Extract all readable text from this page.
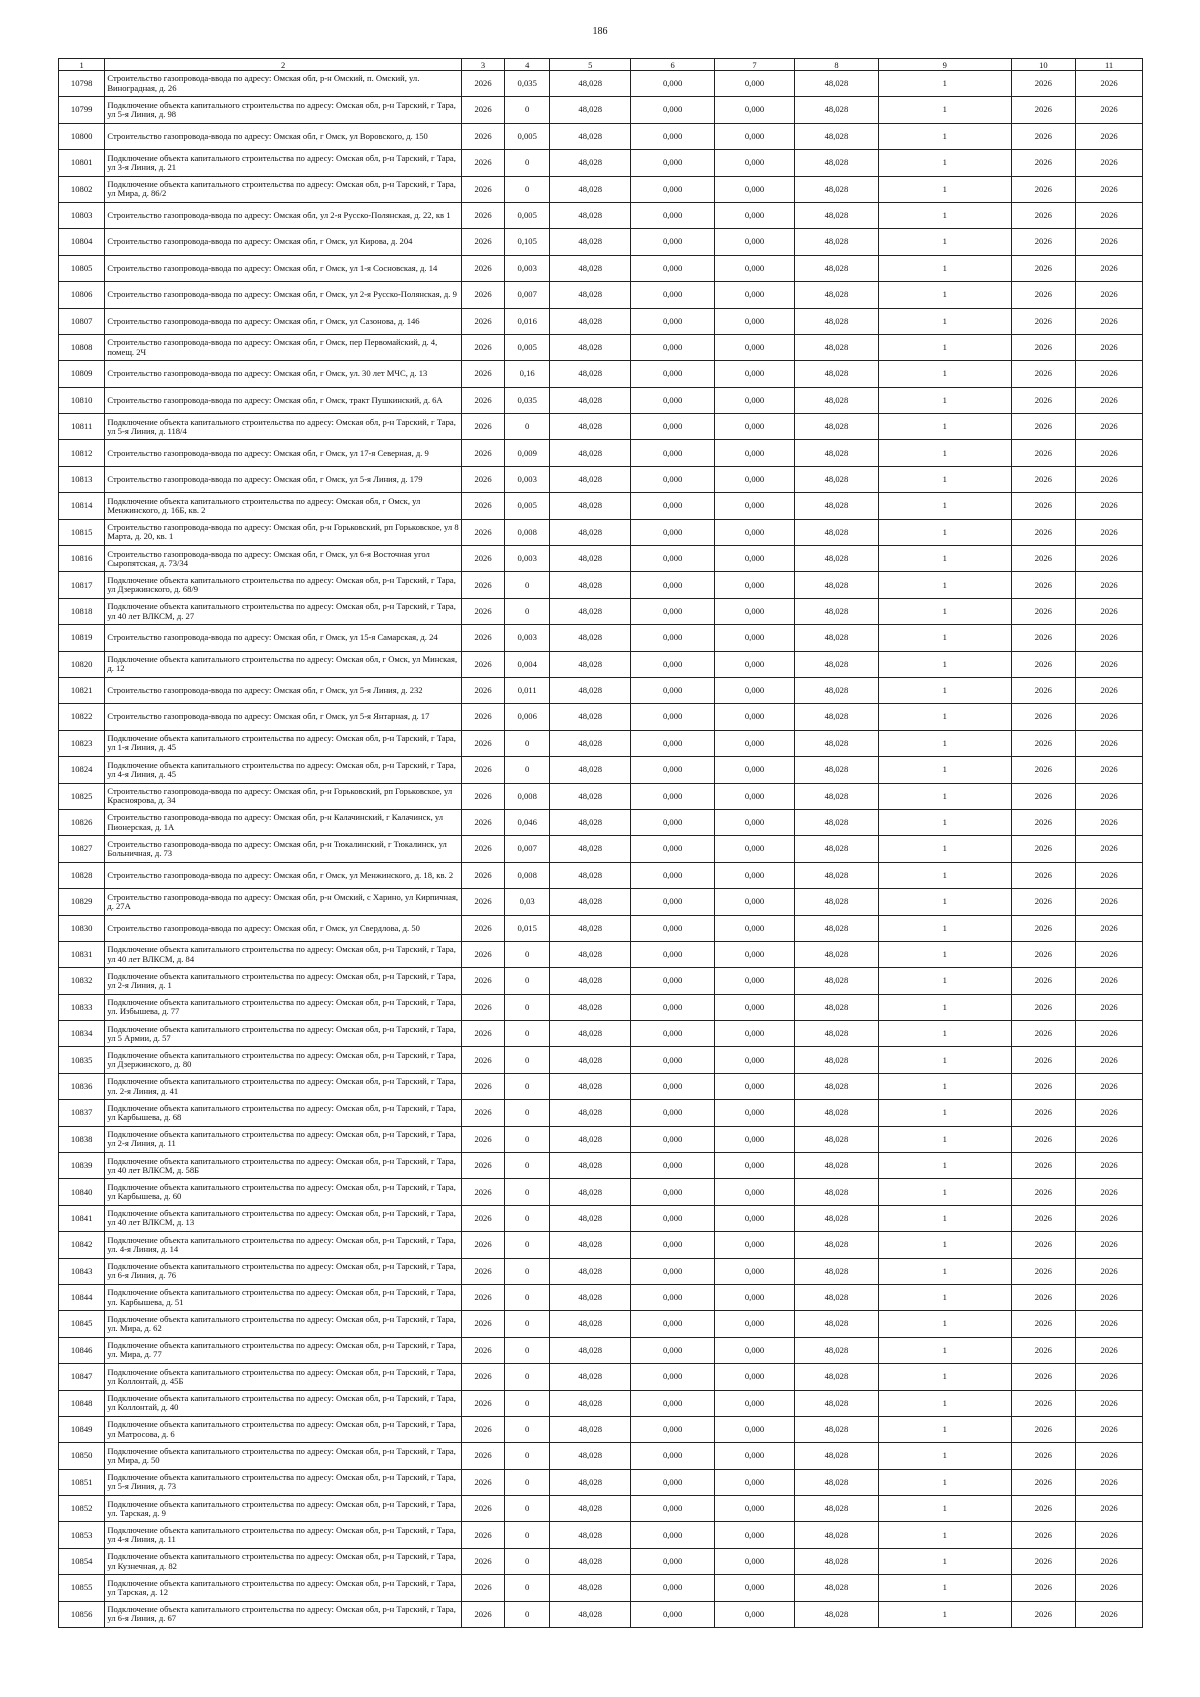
186
1	2	3	4	5	6	7	8	9	10	11
10798	Строительство газопровода-ввода по адресу: Омская обл, р-н Омский, п. Омский, ул. Виноградная, д. 26	2026	0,035	48,028	0,000	0,000	48,028	1	2026	2026
10799	Подключение объекта капитального строительства по адресу: Омская обл, р-н Тарский, г Тара, ул 5-я Линия, д. 98	2026	0	48,028	0,000	0,000	48,028	1	2026	2026
10800	Строительство газопровода-ввода по адресу: Омская обл, г Омск, ул Воровского, д. 150	2026	0,005	48,028	0,000	0,000	48,028	1	2026	2026
10801	Подключение объекта капитального строительства по адресу: Омская обл, р-н Тарский, г Тара, ул 3-я Линия, д. 21	2026	0	48,028	0,000	0,000	48,028	1	2026	2026
10802	Подключение объекта капитального строительства по адресу: Омская обл, р-н Тарский, г Тара, ул Мира, д. 86/2	2026	0	48,028	0,000	0,000	48,028	1	2026	2026
10803	Строительство газопровода-ввода по адресу: Омская обл, ул 2-я Русско-Полянская, д. 22, кв 1	2026	0,005	48,028	0,000	0,000	48,028	1	2026	2026
10804	Строительство газопровода-ввода по адресу: Омская обл, г Омск, ул Кирова, д. 204	2026	0,105	48,028	0,000	0,000	48,028	1	2026	2026
10805	Строительство газопровода-ввода по адресу: Омская обл, г Омск, ул 1-я Сосновская, д. 14	2026	0,003	48,028	0,000	0,000	48,028	1	2026	2026
10806	Строительство газопровода-ввода по адресу: Омская обл, г Омск, ул 2-я Русско-Полянская, д. 9	2026	0,007	48,028	0,000	0,000	48,028	1	2026	2026
10807	Строительство газопровода-ввода по адресу: Омская обл, г Омск, ул Сазонова, д. 146	2026	0,016	48,028	0,000	0,000	48,028	1	2026	2026
10808	Строительство газопровода-ввода по адресу: Омская обл, г Омск, пер Первомайский, д. 4, помещ. 2Ч	2026	0,005	48,028	0,000	0,000	48,028	1	2026	2026
10809	Строительство газопровода-ввода по адресу: Омская обл, г Омск, ул. 30 лет МЧС, д. 13	2026	0,16	48,028	0,000	0,000	48,028	1	2026	2026
10810	Строительство газопровода-ввода по адресу: Омская обл, г Омск, тракт Пушкинский, д. 6А	2026	0,035	48,028	0,000	0,000	48,028	1	2026	2026
10811	Подключение объекта капитального строительства по адресу: Омская обл, р-н Тарский, г Тара, ул 5-я Линия, д. 118/4	2026	0	48,028	0,000	0,000	48,028	1	2026	2026
10812	Строительство газопровода-ввода по адресу: Омская обл, г Омск, ул 17-я Северная, д. 9	2026	0,009	48,028	0,000	0,000	48,028	1	2026	2026
10813	Строительство газопровода-ввода по адресу: Омская обл, г Омск, ул 5-я Линия, д. 179	2026	0,003	48,028	0,000	0,000	48,028	1	2026	2026
10814	Подключение объекта капитального строительства по адресу: Омская обл, г Омск, ул Менжинского, д. 16Б, кв. 2	2026	0,005	48,028	0,000	0,000	48,028	1	2026	2026
10815	Строительство газопровода-ввода по адресу: Омская обл, р-н Горьковский, рп Горьковское, ул 8 Марта, д. 20, кв. 1	2026	0,008	48,028	0,000	0,000	48,028	1	2026	2026
10816	Строительство газопровода-ввода по адресу: Омская обл, г Омск, ул 6-я Восточная угол Сыропятская, д. 73/34	2026	0,003	48,028	0,000	0,000	48,028	1	2026	2026
10817	Подключение объекта капитального строительства по адресу: Омская обл, р-н Тарский, г Тара, ул Дзержинского, д. 68/9	2026	0	48,028	0,000	0,000	48,028	1	2026	2026
10818	Подключение объекта капитального строительства по адресу: Омская обл, р-н Тарский, г Тара, ул 40 лет ВЛКСМ, д. 27	2026	0	48,028	0,000	0,000	48,028	1	2026	2026
10819	Строительство газопровода-ввода по адресу: Омская обл, г Омск, ул 15-я Самарская, д. 24	2026	0,003	48,028	0,000	0,000	48,028	1	2026	2026
10820	Подключение объекта капитального строительства по адресу: Омская обл, г Омск, ул Минская, д. 12	2026	0,004	48,028	0,000	0,000	48,028	1	2026	2026
10821	Строительство газопровода-ввода по адресу: Омская обл, г Омск, ул 5-я Линия, д. 232	2026	0,011	48,028	0,000	0,000	48,028	1	2026	2026
10822	Строительство газопровода-ввода по адресу: Омская обл, г Омск, ул 5-я Янтарная, д. 17	2026	0,006	48,028	0,000	0,000	48,028	1	2026	2026
10823	Подключение объекта капитального строительства по адресу: Омская обл, р-н Тарский, г Тара, ул 1-я Линия, д. 45	2026	0	48,028	0,000	0,000	48,028	1	2026	2026
10824	Подключение объекта капитального строительства по адресу: Омская обл, р-н Тарский, г Тара, ул 4-я Линия, д. 45	2026	0	48,028	0,000	0,000	48,028	1	2026	2026
10825	Строительство газопровода-ввода по адресу: Омская обл, р-н Горьковский, рп Горьковское, ул Красноярова, д. 34	2026	0,008	48,028	0,000	0,000	48,028	1	2026	2026
10826	Строительство газопровода-ввода по адресу: Омская обл, р-н Калачинский, г Калачинск, ул Пионерская, д. 1А	2026	0,046	48,028	0,000	0,000	48,028	1	2026	2026
10827	Строительство газопровода-ввода по адресу: Омская обл, р-н Тюкалинский, г Тюкалинск, ул Больничная, д. 73	2026	0,007	48,028	0,000	0,000	48,028	1	2026	2026
10828	Строительство газопровода-ввода по адресу: Омская обл, г Омск, ул Менжинского, д. 18, кв. 2	2026	0,008	48,028	0,000	0,000	48,028	1	2026	2026
10829	Строительство газопровода-ввода по адресу: Омская обл, р-н Омский, с Харино, ул Кирпичная, д. 27А	2026	0,03	48,028	0,000	0,000	48,028	1	2026	2026
10830	Строительство газопровода-ввода по адресу: Омская обл, г Омск, ул Свердлова, д. 50	2026	0,015	48,028	0,000	0,000	48,028	1	2026	2026
10831	Подключение объекта капитального строительства по адресу: Омская обл, р-н Тарский, г Тара, ул 40 лет ВЛКСМ, д. 84	2026	0	48,028	0,000	0,000	48,028	1	2026	2026
10832	Подключение объекта капитального строительства по адресу: Омская обл, р-н Тарский, г Тара, ул 2-я Линия, д. 1	2026	0	48,028	0,000	0,000	48,028	1	2026	2026
10833	Подключение объекта капитального строительства по адресу: Омская обл, р-н Тарский, г Тара, ул. Избышева, д. 77	2026	0	48,028	0,000	0,000	48,028	1	2026	2026
10834	Подключение объекта капитального строительства по адресу: Омская обл, р-н Тарский, г Тара, ул 5 Армии, д. 57	2026	0	48,028	0,000	0,000	48,028	1	2026	2026
10835	Подключение объекта капитального строительства по адресу: Омская обл, р-н Тарский, г Тара, ул Дзержинского, д. 80	2026	0	48,028	0,000	0,000	48,028	1	2026	2026
10836	Подключение объекта капитального строительства по адресу: Омская обл, р-н Тарский, г Тара, ул. 2-я Линия, д. 41	2026	0	48,028	0,000	0,000	48,028	1	2026	2026
10837	Подключение объекта капитального строительства по адресу: Омская обл, р-н Тарский, г Тара, ул Карбышева, д. 68	2026	0	48,028	0,000	0,000	48,028	1	2026	2026
10838	Подключение объекта капитального строительства по адресу: Омская обл, р-н Тарский, г Тара, ул 2-я Линия, д. 11	2026	0	48,028	0,000	0,000	48,028	1	2026	2026
10839	Подключение объекта капитального строительства по адресу: Омская обл, р-н Тарский, г Тара, ул 40 лет ВЛКСМ, д. 58Б	2026	0	48,028	0,000	0,000	48,028	1	2026	2026
10840	Подключение объекта капитального строительства по адресу: Омская обл, р-н Тарский, г Тара, ул Карбышева, д. 60	2026	0	48,028	0,000	0,000	48,028	1	2026	2026
10841	Подключение объекта капитального строительства по адресу: Омская обл, р-н Тарский, г Тара, ул 40 лет ВЛКСМ, д. 13	2026	0	48,028	0,000	0,000	48,028	1	2026	2026
10842	Подключение объекта капитального строительства по адресу: Омская обл, р-н Тарский, г Тара, ул. 4-я Линия, д. 14	2026	0	48,028	0,000	0,000	48,028	1	2026	2026
10843	Подключение объекта капитального строительства по адресу: Омская обл, р-н Тарский, г Тара, ул 6-я Линия, д. 76	2026	0	48,028	0,000	0,000	48,028	1	2026	2026
10844	Подключение объекта капитального строительства по адресу: Омская обл, р-н Тарский, г Тара, ул. Карбышева, д. 51	2026	0	48,028	0,000	0,000	48,028	1	2026	2026
10845	Подключение объекта капитального строительства по адресу: Омская обл, р-н Тарский, г Тара, ул. Мира, д. 62	2026	0	48,028	0,000	0,000	48,028	1	2026	2026
10846	Подключение объекта капитального строительства по адресу: Омская обл, р-н Тарский, г Тара, ул. Мира, д. 77	2026	0	48,028	0,000	0,000	48,028	1	2026	2026
10847	Подключение объекта капитального строительства по адресу: Омская обл, р-н Тарский, г Тара, ул Коллонтай, д. 45Б	2026	0	48,028	0,000	0,000	48,028	1	2026	2026
10848	Подключение объекта капитального строительства по адресу: Омская обл, р-н Тарский, г Тара, ул Коллонтай, д. 40	2026	0	48,028	0,000	0,000	48,028	1	2026	2026
10849	Подключение объекта капитального строительства по адресу: Омская обл, р-н Тарский, г Тара, ул Матросова, д. 6	2026	0	48,028	0,000	0,000	48,028	1	2026	2026
10850	Подключение объекта капитального строительства по адресу: Омская обл, р-н Тарский, г Тара, ул Мира, д. 50	2026	0	48,028	0,000	0,000	48,028	1	2026	2026
10851	Подключение объекта капитального строительства по адресу: Омская обл, р-н Тарский, г Тара, ул 5-я Линия, д. 73	2026	0	48,028	0,000	0,000	48,028	1	2026	2026
10852	Подключение объекта капитального строительства по адресу: Омская обл, р-н Тарский, г Тара, ул. Тарская, д. 9	2026	0	48,028	0,000	0,000	48,028	1	2026	2026
10853	Подключение объекта капитального строительства по адресу: Омская обл, р-н Тарский, г Тара, ул 4-я Линия, д. 11	2026	0	48,028	0,000	0,000	48,028	1	2026	2026
10854	Подключение объекта капитального строительства по адресу: Омская обл, р-н Тарский, г Тара, ул Кузнечная, д. 82	2026	0	48,028	0,000	0,000	48,028	1	2026	2026
10855	Подключение объекта капитального строительства по адресу: Омская обл, р-н Тарский, г Тара, ул Тарская, д. 12	2026	0	48,028	0,000	0,000	48,028	1	2026	2026
10856	Подключение объекта капитального строительства по адресу: Омская обл, р-н Тарский, г Тара, ул 6-я Линия, д. 67	2026	0	48,028	0,000	0,000	48,028	1	2026	2026
